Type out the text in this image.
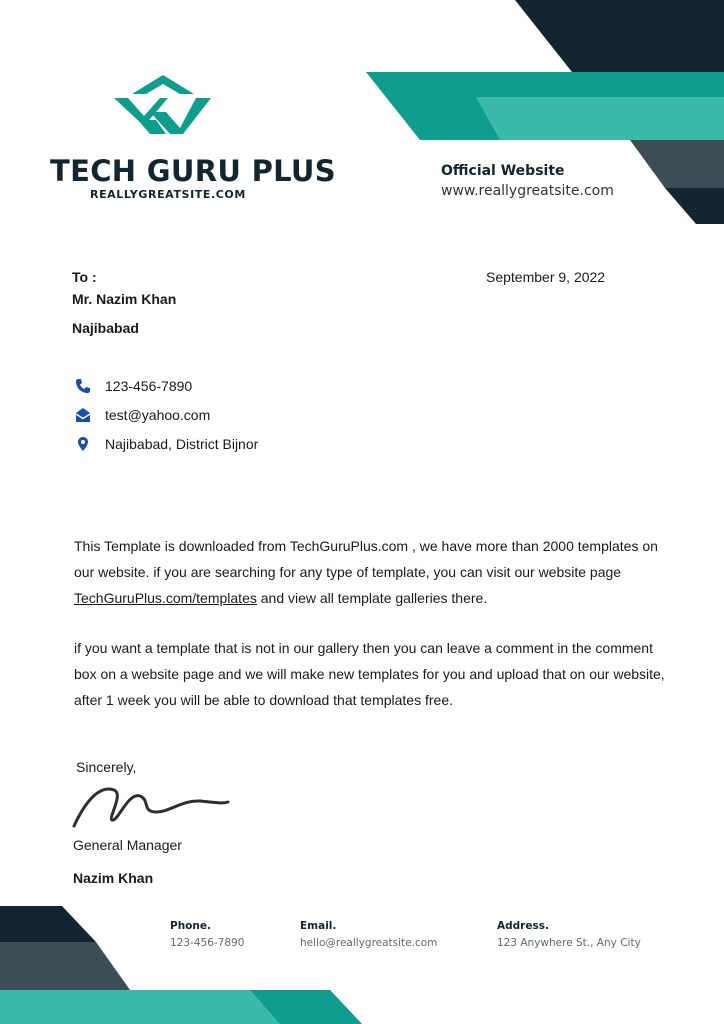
TECH GURU PLUS
REALLYGREATSITE.COM
Official Website
www.reallygreatsite.com
To :
Mr. Nazim Khan
Najibabad
September 9, 2022
123-456-7890
test@yahoo.com
Najibabad, District Bijnor
This Template is downloaded from TechGuruPlus.com , we have more than 2000 templates on our website. if you are searching for any type of template, you can visit our website page TechGuruPlus.com/templates and view all template galleries there.
if you want a template that is not in our gallery then you can leave a comment in the comment box on a website page and we will make new templates for you and upload that on our website, after 1 week you will be able to download that templates free.
Sincerely,
General Manager
Nazim Khan
Phone.
123-456-7890
Email.
hello@reallygreatsite.com
Address.
123 Anywhere St., Any City
